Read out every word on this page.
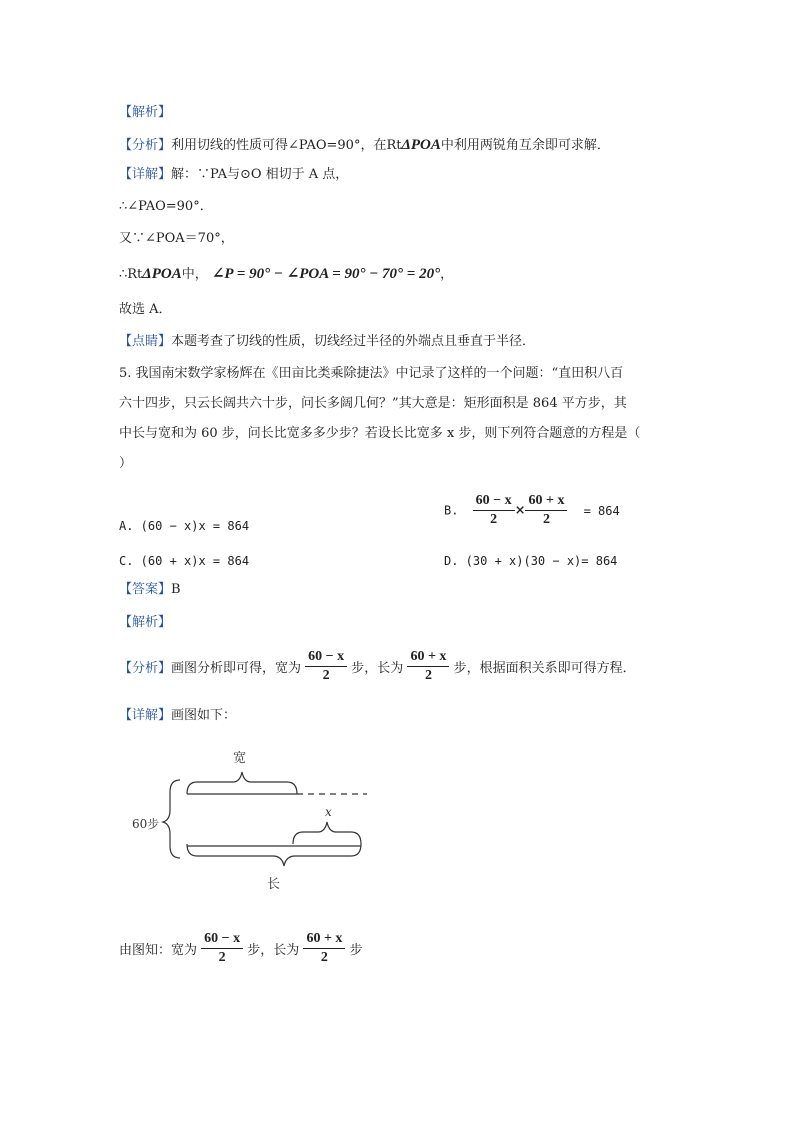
【解析】
【分析】利用切线的性质可得∠PAO=90°，在RtΔPOA中利用两锐角互余即可求解．
【详解】解：∵PA与⊙O 相切于 A 点，
∴∠PAO=90°．
又∵∠POA＝70°，
∴RtΔPOA中， ∠P = 90° − ∠POA = 90° − 70° = 20°，
故选 A．
【点睛】本题考查了切线的性质，切线经过半径的外端点且垂直于半径．
5. 我国南宋数学家杨辉在《田亩比类乘除捷法》中记录了这样的一个问题：“直田积八百
六十四步，只云长阔共六十步，问长多阔几何？”其大意是：矩形面积是 864 平方步，其
中长与宽和为 60 步，问长比宽多多少步？若设长比宽多 x 步，则下列符合题意的方程是（
）
A. (60 − x)x = 864
B. $\frac{60 - x}{2} \times \frac{60 + x}{2} = 864$
C. (60 + x)x = 864	D. (30 + x)(30 − x)= 864
【答案】B
【解析】
【分析】画图分析即可得，宽为 $\frac{60 - x}{2}$ 步，长为 $\frac{60 + x}{2}$ 步，根据面积关系即可得方程．
【详解】画图如下：
宽
60步
x
长
由图知：宽为 $\frac{60 - x}{2}$ 步，长为 $\frac{60 + x}{2}$ 步
